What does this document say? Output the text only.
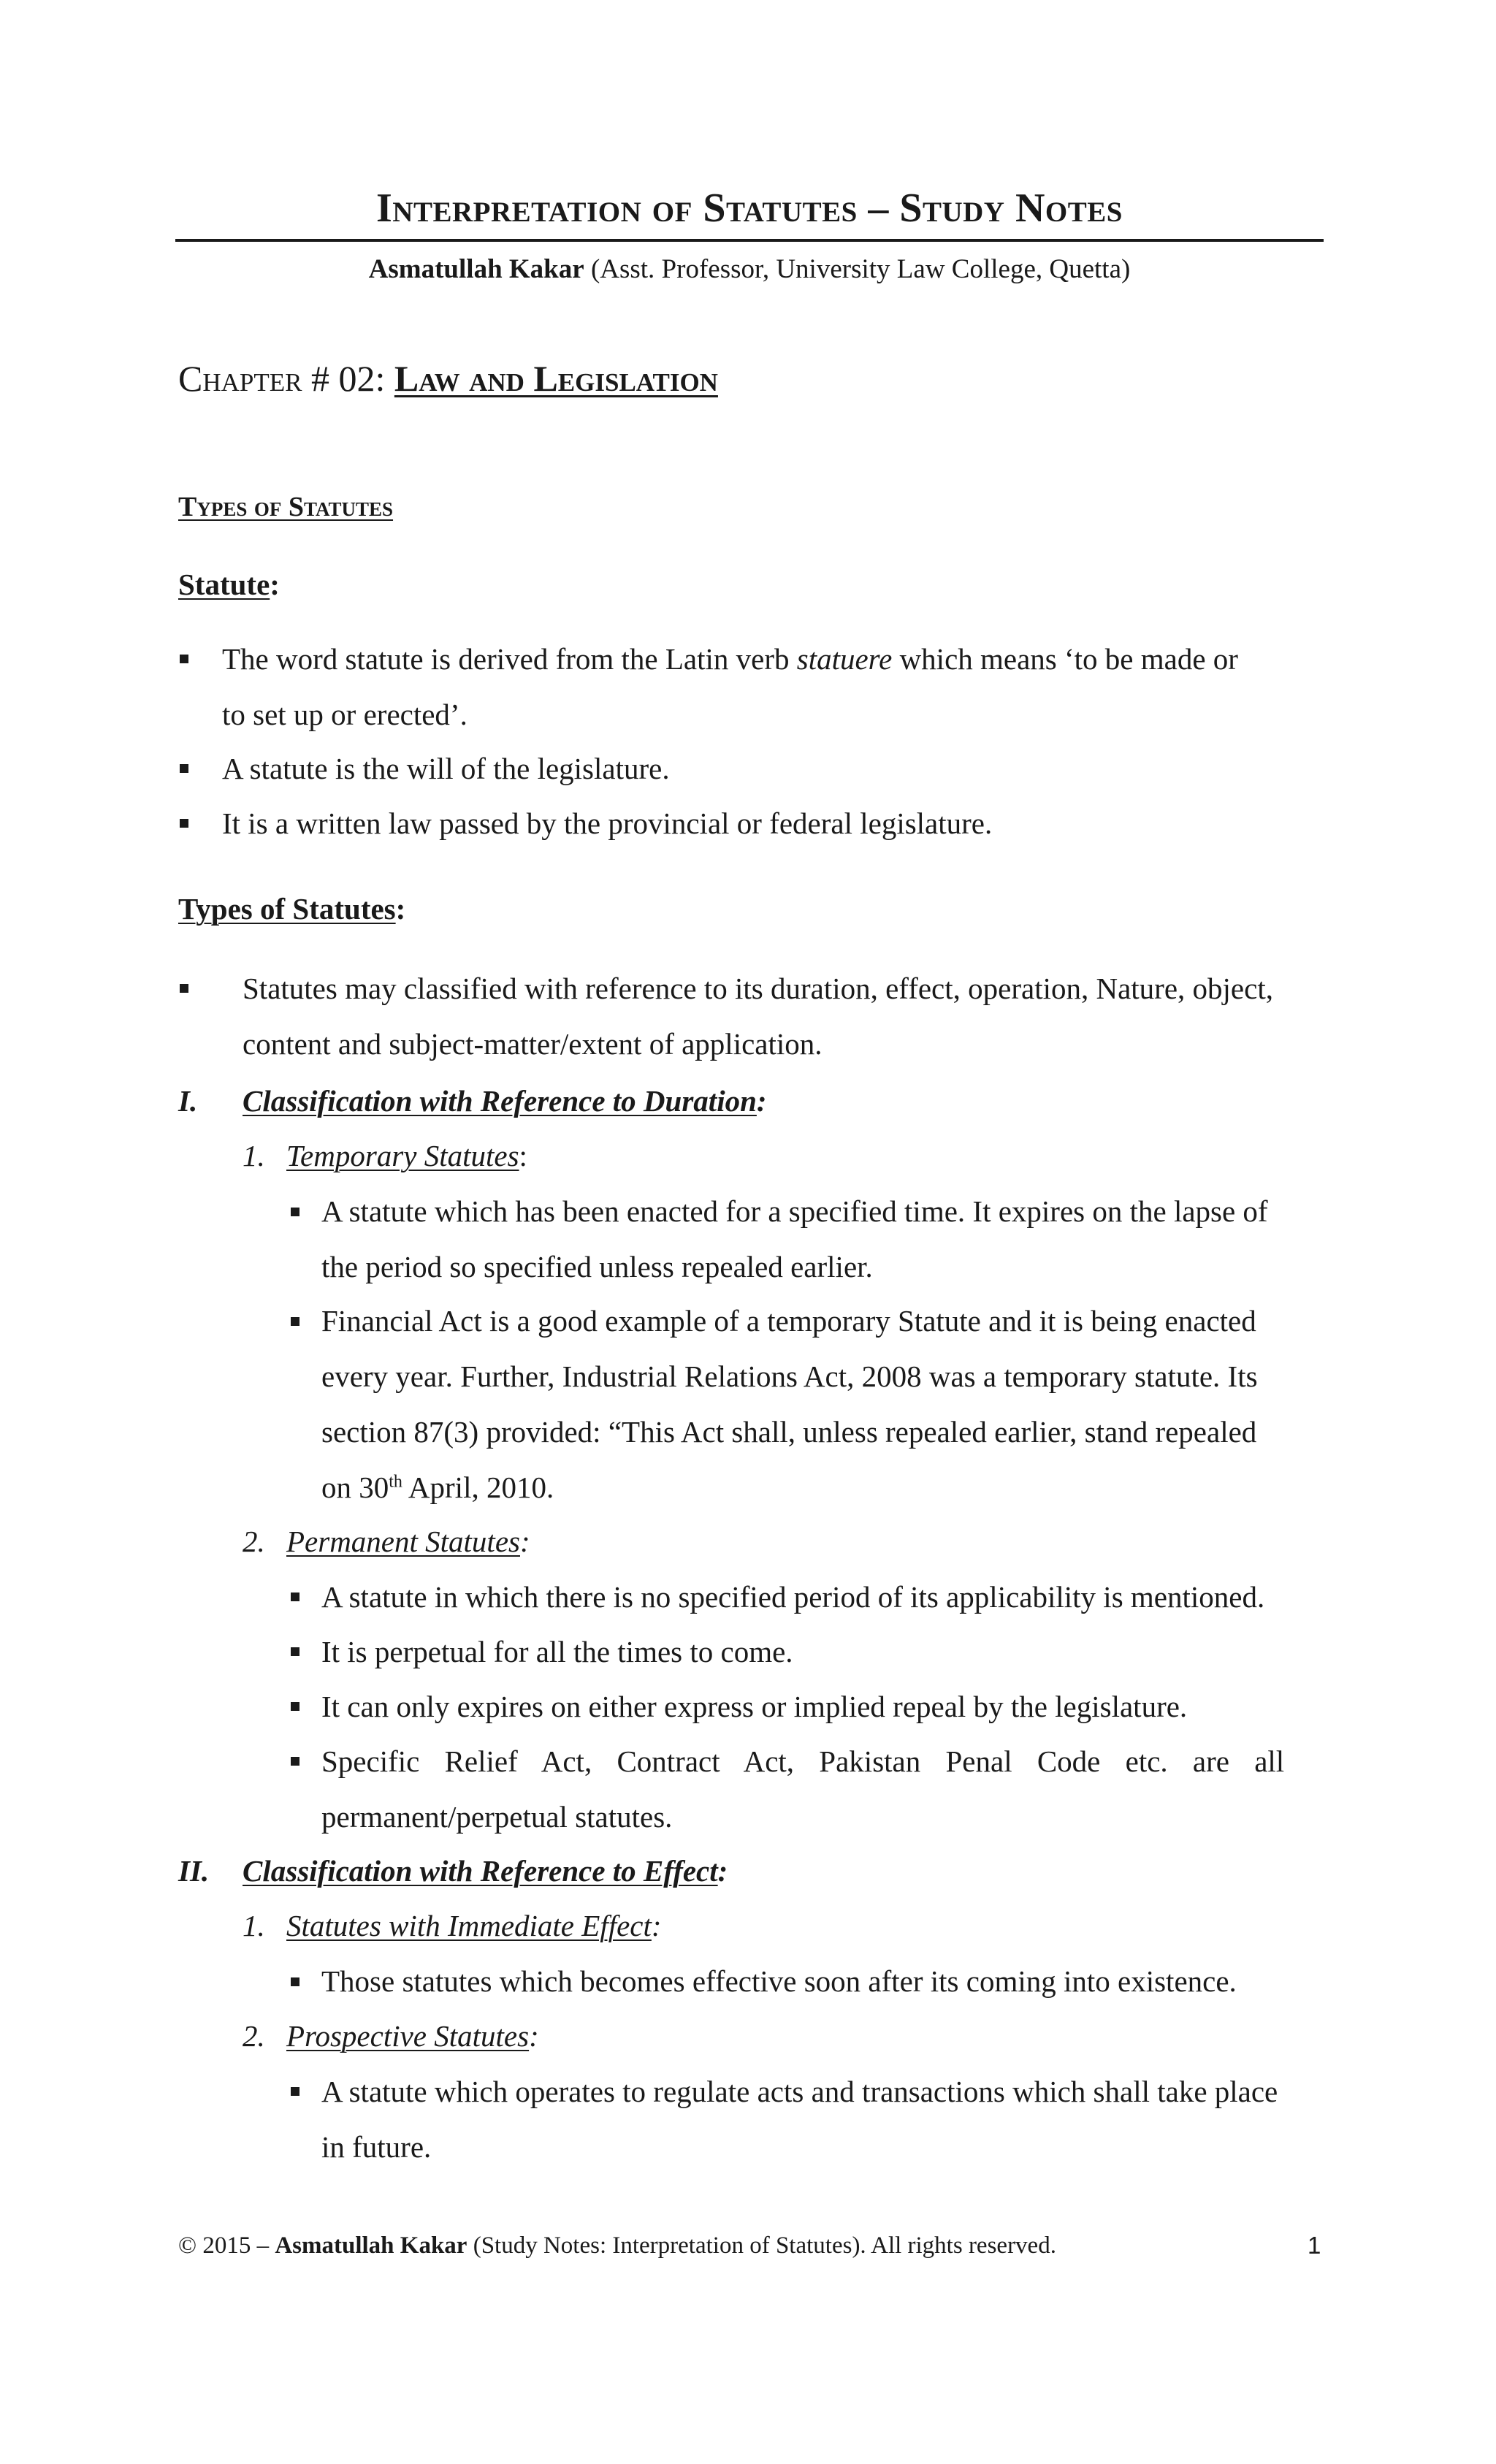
Interpretation of Statutes – Study Notes
Asmatullah Kakar (Asst. Professor, University Law College, Quetta)
Chapter # 02: Law and Legislation
Types of Statutes
Statute:
The word statute is derived from the Latin verb statuere which means ‘to be made or
to set up or erected’.
A statute is the will of the legislature.
It is a written law passed by the provincial or federal legislature.
Types of Statutes:
Statutes may classified with reference to its duration, effect, operation, Nature, object,
content and subject-matter/extent of application.
I. Classification with Reference to Duration:
1. Temporary Statutes:
A statute which has been enacted for a specified time. It expires on the lapse of
the period so specified unless repealed earlier.
Financial Act is a good example of a temporary Statute and it is being enacted
every year. Further, Industrial Relations Act, 2008 was a temporary statute. Its
section 87(3) provided: “This Act shall, unless repealed earlier, stand repealed
on 30th April, 2010.
2. Permanent Statutes:
A statute in which there is no specified period of its applicability is mentioned.
It is perpetual for all the times to come.
It can only expires on either express or implied repeal by the legislature.
Specific Relief Act, Contract Act, Pakistan Penal Code etc. are all
permanent/perpetual statutes.
II. Classification with Reference to Effect:
1. Statutes with Immediate Effect:
Those statutes which becomes effective soon after its coming into existence.
2. Prospective Statutes:
A statute which operates to regulate acts and transactions which shall take place
in future.
© 2015 – Asmatullah Kakar (Study Notes: Interpretation of Statutes). All rights reserved.	1
